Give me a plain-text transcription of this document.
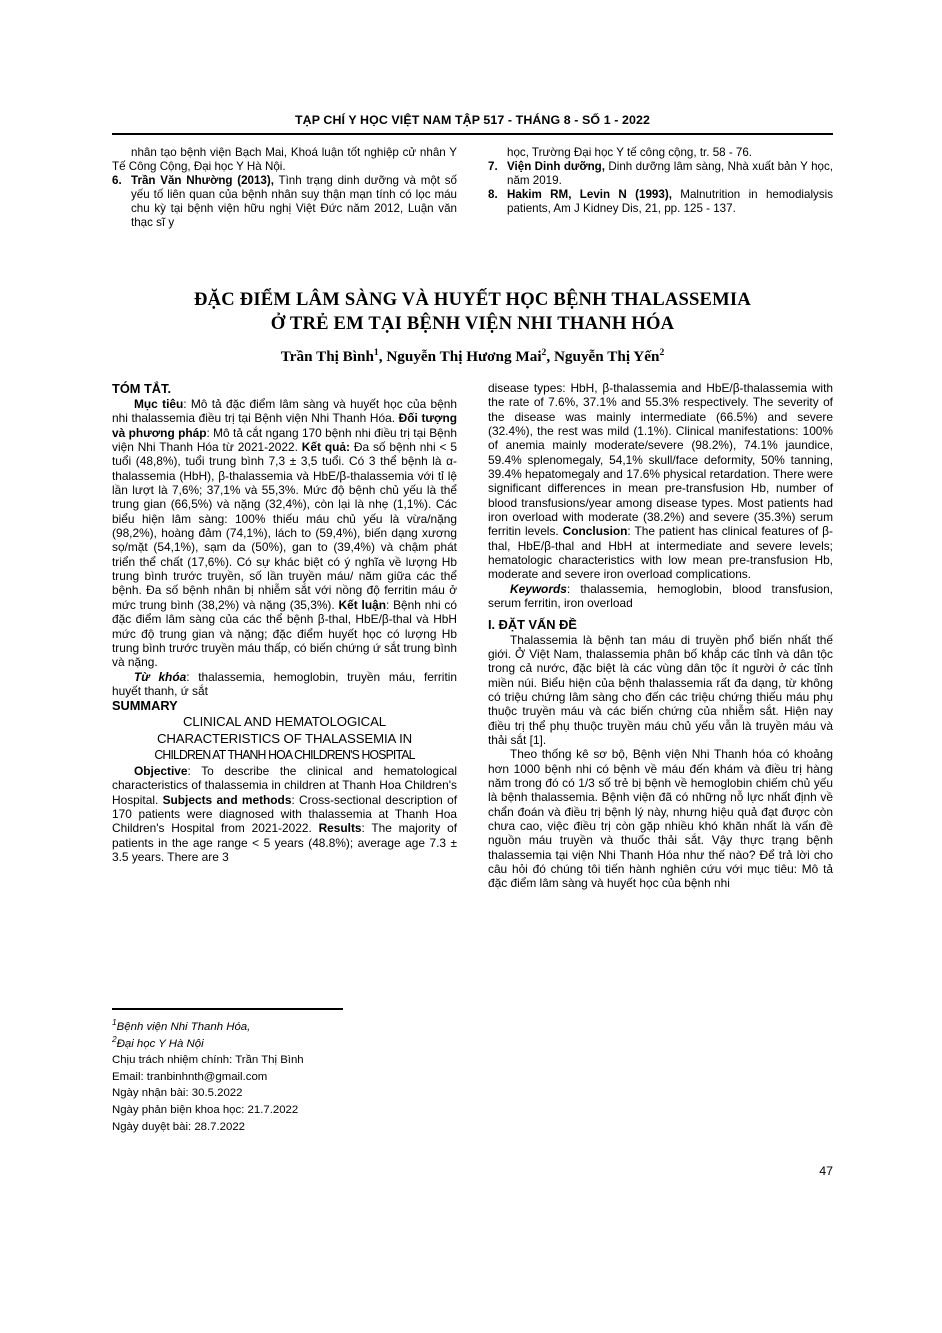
TẠP CHÍ Y HỌC VIỆT NAM TẬP 517 - THÁNG 8 - SỐ 1 - 2022

nhân tạo bệnh viện Bạch Mai, Khoá luận tốt nghiệp cử nhân Y Tế Công Cộng, Đại học Y Hà Nội.

6. Trần Văn Nhường (2013), Tình trạng dinh dưỡng và một số yếu tố liên quan của bệnh nhân suy thận mạn tính có lọc máu chu kỳ tại bệnh viện hữu nghị Việt Đức năm 2012, Luận văn thạc sĩ y

học, Trường Đại học Y tế công cộng, tr. 58 - 76.

7. Viện Dinh dưỡng, Dinh dưỡng lâm sàng, Nhà xuất bản Y học, năm 2019.

8. Hakim RM, Levin N (1993), Malnutrition in hemodialysis patients, Am J Kidney Dis, 21, pp. 125 - 137.

ĐẶC ĐIỂM LÂM SÀNG VÀ HUYẾT HỌC BỆNH THALASSEMIA
Ở TRẺ EM TẠI BỆNH VIỆN NHI THANH HÓA
Trần Thị Bình$^1$, Nguyễn Thị Hương Mai$^2$, Nguyễn Thị Yến$^2$
TÓM TẮT.

Mục tiêu: Mô tả đặc điểm lâm sàng và huyết học của bệnh nhi thalassemia điều trị tại Bệnh viện Nhi Thanh Hóa. Đối tượng và phương pháp: Mô tả cắt ngang 170 bệnh nhi điều trị tại Bệnh viện Nhi Thanh Hóa từ 2021-2022. Kết quả: Đa số bệnh nhi < 5 tuổi (48,8%), tuổi trung bình 7,3 ± 3,5 tuổi. Có 3 thể bệnh là α-thalassemia (HbH), β-thalassemia và HbE/β-thalassemia với tỉ lệ lần lượt là 7,6%; 37,1% và 55,3%. Mức độ bệnh chủ yếu là thể trung gian (66,5%) và nặng (32,4%), còn lại là nhẹ (1,1%). Các biểu hiện lâm sàng: 100% thiếu máu chủ yếu là vừa/nặng (98,2%), hoàng đảm (74,1%), lách to (59,4%), biến dạng xương sọ/mặt (54,1%), sạm da (50%), gan to (39,4%) và chậm phát triển thể chất (17,6%). Có sự khác biệt có ý nghĩa về lượng Hb trung bình trước truyền, số lần truyền máu/ năm giữa các thể bệnh. Đa số bệnh nhân bị nhiễm sắt với nồng độ ferritin máu ở mức trung bình (38,2%) và nặng (35,3%). Kết luận: Bệnh nhi có đặc điểm lâm sàng của các thể bệnh β-thal, HbE/β-thal và HbH mức độ trung gian và nặng; đặc điểm huyết học có lượng Hb trung bình trước truyền máu thấp, có biến chứng ứ sắt trung bình và nặng.

Từ khóa: thalassemia, hemoglobin, truyền máu, ferritin huyết thanh, ứ sắt

SUMMARY

CLINICAL AND HEMATOLOGICAL

CHARACTERISTICS OF THALASSEMIA IN

CHILDREN AT THANH HOA CHILDREN'S HOSPITAL

Objective: To describe the clinical and hematological characteristics of thalassemia in children at Thanh Hoa Children's Hospital. Subjects and methods: Cross-sectional description of 170 patients were diagnosed with thalassemia at Thanh Hoa Children's Hospital from 2021-2022. Results: The majority of patients in the age range < 5 years (48.8%); average age 7.3 ± 3.5 years. There are 3

disease types: HbH, β-thalassemia and HbE/β-thalassemia with the rate of 7.6%, 37.1% and 55.3% respectively. The severity of the disease was mainly intermediate (66.5%) and severe (32.4%), the rest was mild (1.1%). Clinical manifestations: 100% of anemia mainly moderate/severe (98.2%), 74.1% jaundice, 59.4% splenomegaly, 54,1% skull/face deformity, 50% tanning, 39.4% hepatomegaly and 17.6% physical retardation. There were significant differences in mean pre-transfusion Hb, number of blood transfusions/year among disease types. Most patients had iron overload with moderate (38.2%) and severe (35.3%) serum ferritin levels. Conclusion: The patient has clinical features of β-thal, HbE/β-thal and HbH at intermediate and severe levels; hematologic characteristics with low mean pre-transfusion Hb, moderate and severe iron overload complications.

Keywords: thalassemia, hemoglobin, blood transfusion, serum ferritin, iron overload

I. ĐẶT VẤN ĐỀ

Thalassemia là bệnh tan máu di truyền phổ biến nhất thế giới. Ở Việt Nam, thalassemia phân bố khắp các tỉnh và dân tộc trong cả nước, đặc biệt là các vùng dân tộc ít người ở các tỉnh miền núi. Biểu hiện của bệnh thalassemia rất đa dạng, từ không có triệu chứng lâm sàng cho đến các triệu chứng thiếu máu phụ thuộc truyền máu và các biến chứng của nhiễm sắt. Hiện nay điều trị thể phụ thuộc truyền máu chủ yếu vẫn là truyền máu và thải sắt [1].

Theo thống kê sơ bộ, Bệnh viện Nhi Thanh hóa có khoảng hơn 1000 bệnh nhi có bệnh về máu đến khám và điều trị hàng năm trong đó có 1/3 số trẻ bị bệnh về hemoglobin chiếm chủ yếu là bệnh thalassemia. Bệnh viện đã có những nỗ lực nhất định về chẩn đoán và điều trị bệnh lý này, nhưng hiệu quả đạt được còn chưa cao, việc điều trị còn gặp nhiều khó khăn nhất là vấn đề nguồn máu truyền và thuốc thải sắt. Vậy thực trạng bệnh thalassemia tại viện Nhi Thanh Hóa như thế nào? Để trả lời cho câu hỏi đó chúng tôi tiến hành nghiên cứu với mục tiêu: Mô tả đặc điểm lâm sàng và huyết học của bệnh nhi

$^1$Bệnh viện Nhi Thanh Hóa,

$^2$Đại học Y Hà Nội

Chịu trách nhiệm chính: Trần Thị Bình

Email: tranbinhnth@gmail.com

Ngày nhận bài: 30.5.2022

Ngày phản biện khoa học: 21.7.2022

Ngày duyệt bài: 28.7.2022

47
